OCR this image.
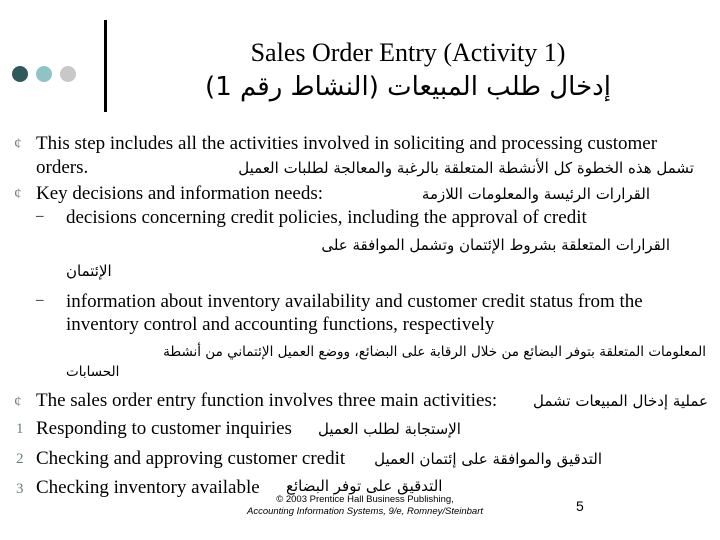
Sales Order Entry (Activity 1)
إدخال طلب المبيعات (النشاط رقم 1)
¢ This step includes all the activities involved in soliciting and processing customer
orders.	تشمل هذه الخطوة كل الأنشطة المتعلقة بالرغبة والمعالجة لطلبات العميل
¢ Key decisions and information needs:	القرارات الرئيسة والمعلومات اللازمة
– decisions concerning credit policies, including the approval of credit
القرارات المتعلقة بشروط الإئتمان وتشمل الموافقة على
الإئتمان
– information about inventory availability and customer credit status from the
inventory control and accounting functions, respectively
المعلومات المتعلقة بتوفر البضائع من خلال الرقابة على البضائع، ووضع العميل الإئتماني من أنشطة
الحسابات
¢ The sales order entry function involves three main activities: عملية إدخال المبيعات تشمل
1 Responding to customer inquiries الإستجابة لطلب العميل
2 Checking and approving customer credit التدقيق والموافقة على إئتمان العميل
3 Checking inventory available التدقيق على توفر البضائع
© 2003 Prentice Hall Business Publishing,
Accounting Information Systems, 9/e, Romney/Steinbart	5
